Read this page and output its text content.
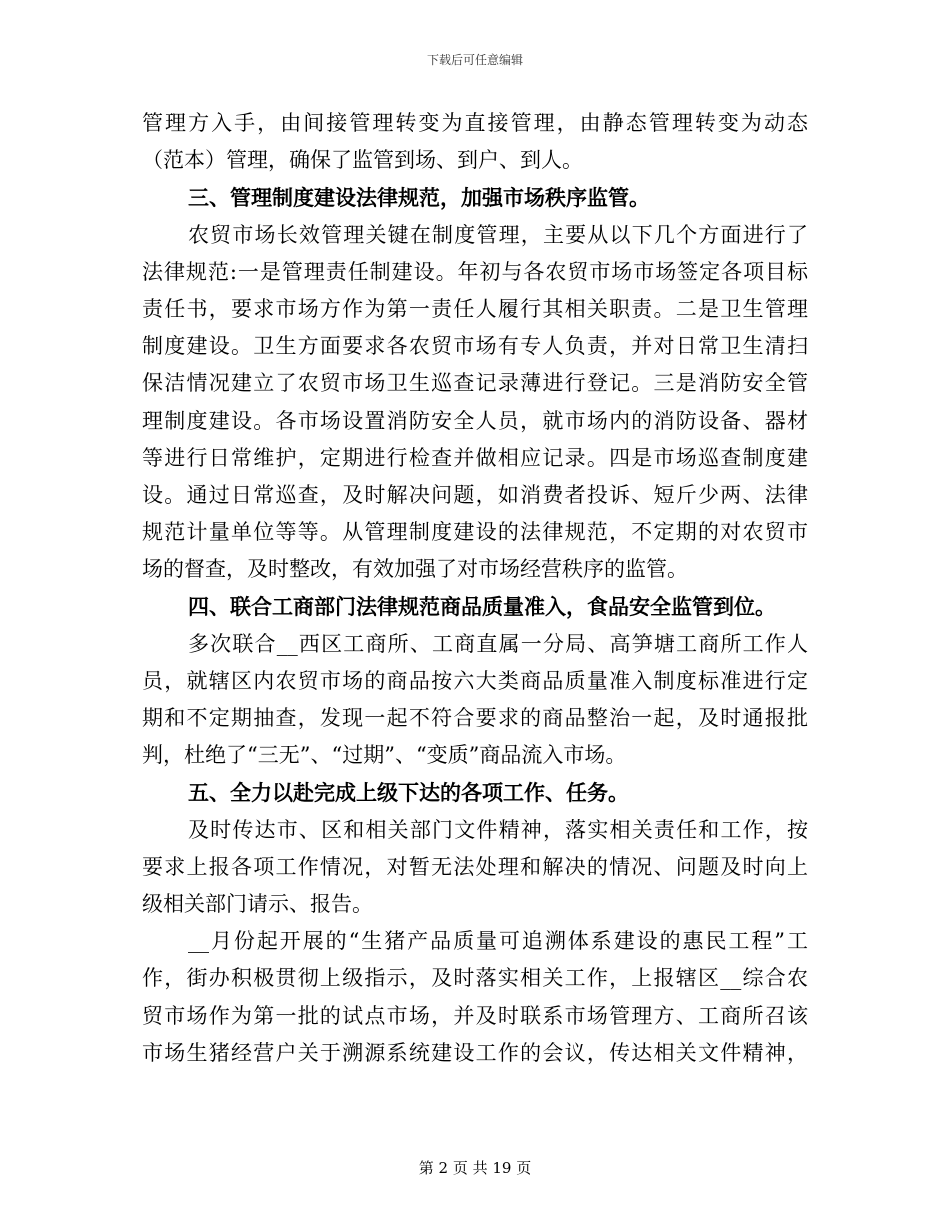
下载后可任意编辑
管理方入手，由间接管理转变为直接管理，由静态管理转变为动态
（范本）管理，确保了监管到场、到户、到人。
三、管理制度建设法律规范，加强市场秩序监管。
农贸市场长效管理关键在制度管理，主要从以下几个方面进行了
法律规范:一是管理责任制建设。年初与各农贸市场市场签定各项目标
责任书，要求市场方作为第一责任人履行其相关职责。二是卫生管理
制度建设。卫生方面要求各农贸市场有专人负责，并对日常卫生清扫
保洁情况建立了农贸市场卫生巡查记录薄进行登记。三是消防安全管
理制度建设。各市场设置消防安全人员，就市场内的消防设备、器材
等进行日常维护，定期进行检查并做相应记录。四是市场巡查制度建
设。通过日常巡查，及时解决问题，如消费者投诉、短斤少两、法律
规范计量单位等等。从管理制度建设的法律规范，不定期的对农贸市
场的督查，及时整改，有效加强了对市场经营秩序的监管。
四、联合工商部门法律规范商品质量准入，食品安全监管到位。
多次联合__西区工商所、工商直属一分局、高笋塘工商所工作人
员，就辖区内农贸市场的商品按六大类商品质量准入制度标准进行定
期和不定期抽查，发现一起不符合要求的商品整治一起，及时通报批
判，杜绝了“三无”、“过期”、“变质”商品流入市场。
五、全力以赴完成上级下达的各项工作、任务。
及时传达市、区和相关部门文件精神，落实相关责任和工作，按
要求上报各项工作情况，对暂无法处理和解决的情况、问题及时向上
级相关部门请示、报告。
__月份起开展的“生猪产品质量可追溯体系建设的惠民工程”工
作，街办积极贯彻上级指示，及时落实相关工作，上报辖区__综合农
贸市场作为第一批的试点市场，并及时联系市场管理方、工商所召该
市场生猪经营户关于溯源系统建设工作的会议，传达相关文件精神，
第 2 页 共 19 页
